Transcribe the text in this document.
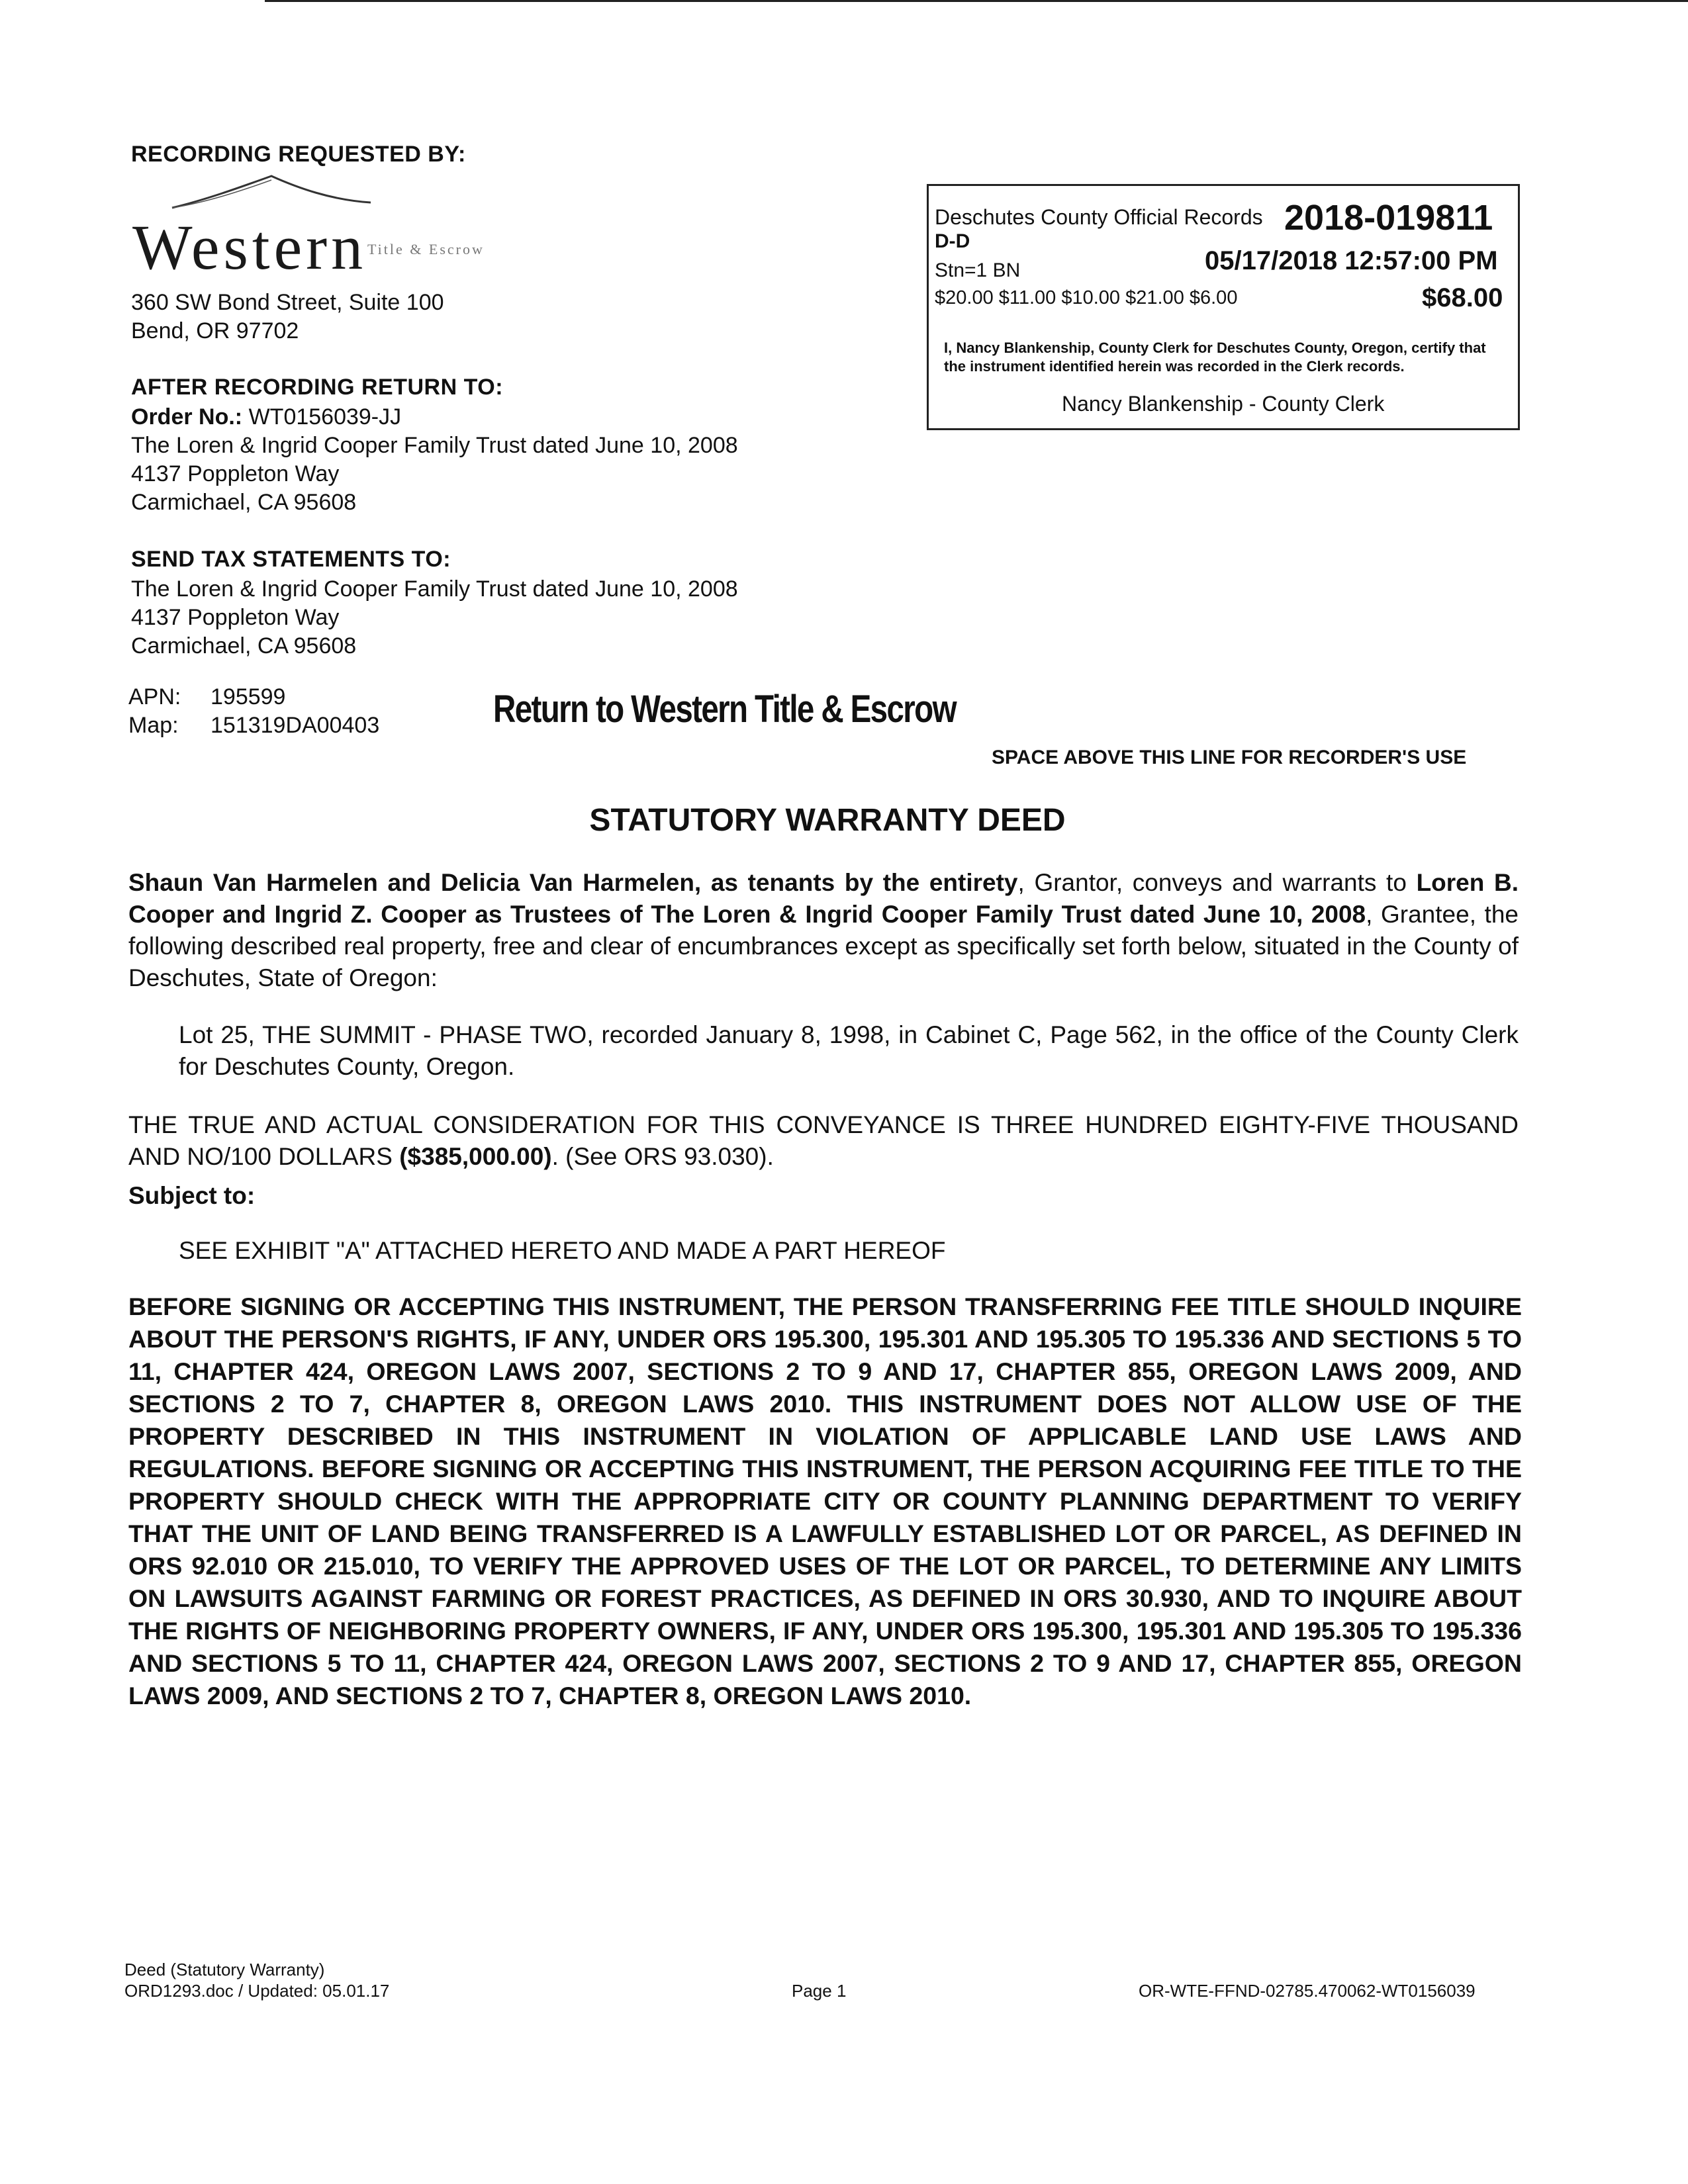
RECORDING REQUESTED BY:
Western Title & Escrow
360 SW Bond Street, Suite 100
Bend, OR 97702
AFTER RECORDING RETURN TO:
Order No.: WT0156039-JJ
The Loren & Ingrid Cooper Family Trust dated June 10, 2008
4137 Poppleton Way
Carmichael, CA 95608
SEND TAX STATEMENTS TO:
The Loren & Ingrid Cooper Family Trust dated June 10, 2008
4137 Poppleton Way
Carmichael, CA 95608
APN: 195599
Map: 151319DA00403	Return to Western Title & Escrow
Deschutes County Official Records 2018-019811
D-D
Stn=1 BN	05/17/2018 12:57:00 PM
$20.00 $11.00 $10.00 $21.00 $6.00	$68.00
I, Nancy Blankenship, County Clerk for Deschutes County, Oregon, certify that the instrument identified herein was recorded in the Clerk records.
Nancy Blankenship - County Clerk
SPACE ABOVE THIS LINE FOR RECORDER'S USE
STATUTORY WARRANTY DEED
Shaun Van Harmelen and Delicia Van Harmelen, as tenants by the entirety, Grantor, conveys and warrants to Loren B. Cooper and Ingrid Z. Cooper as Trustees of The Loren & Ingrid Cooper Family Trust dated June 10, 2008, Grantee, the following described real property, free and clear of encumbrances except as specifically set forth below, situated in the County of Deschutes, State of Oregon:
Lot 25, THE SUMMIT - PHASE TWO, recorded January 8, 1998, in Cabinet C, Page 562, in the office of the County Clerk for Deschutes County, Oregon.
THE TRUE AND ACTUAL CONSIDERATION FOR THIS CONVEYANCE IS THREE HUNDRED EIGHTY-FIVE THOUSAND AND NO/100 DOLLARS ($385,000.00). (See ORS 93.030).
Subject to:
SEE EXHIBIT "A" ATTACHED HERETO AND MADE A PART HEREOF
BEFORE SIGNING OR ACCEPTING THIS INSTRUMENT, THE PERSON TRANSFERRING FEE TITLE SHOULD INQUIRE ABOUT THE PERSON'S RIGHTS, IF ANY, UNDER ORS 195.300, 195.301 AND 195.305 TO 195.336 AND SECTIONS 5 TO 11, CHAPTER 424, OREGON LAWS 2007, SECTIONS 2 TO 9 AND 17, CHAPTER 855, OREGON LAWS 2009, AND SECTIONS 2 TO 7, CHAPTER 8, OREGON LAWS 2010. THIS INSTRUMENT DOES NOT ALLOW USE OF THE PROPERTY DESCRIBED IN THIS INSTRUMENT IN VIOLATION OF APPLICABLE LAND USE LAWS AND REGULATIONS. BEFORE SIGNING OR ACCEPTING THIS INSTRUMENT, THE PERSON ACQUIRING FEE TITLE TO THE PROPERTY SHOULD CHECK WITH THE APPROPRIATE CITY OR COUNTY PLANNING DEPARTMENT TO VERIFY THAT THE UNIT OF LAND BEING TRANSFERRED IS A LAWFULLY ESTABLISHED LOT OR PARCEL, AS DEFINED IN ORS 92.010 OR 215.010, TO VERIFY THE APPROVED USES OF THE LOT OR PARCEL, TO DETERMINE ANY LIMITS ON LAWSUITS AGAINST FARMING OR FOREST PRACTICES, AS DEFINED IN ORS 30.930, AND TO INQUIRE ABOUT THE RIGHTS OF NEIGHBORING PROPERTY OWNERS, IF ANY, UNDER ORS 195.300, 195.301 AND 195.305 TO 195.336 AND SECTIONS 5 TO 11, CHAPTER 424, OREGON LAWS 2007, SECTIONS 2 TO 9 AND 17, CHAPTER 855, OREGON LAWS 2009, AND SECTIONS 2 TO 7, CHAPTER 8, OREGON LAWS 2010.
Deed (Statutory Warranty)
ORD1293.doc / Updated: 05.01.17	Page 1	OR-WTE-FFND-02785.470062-WT0156039
